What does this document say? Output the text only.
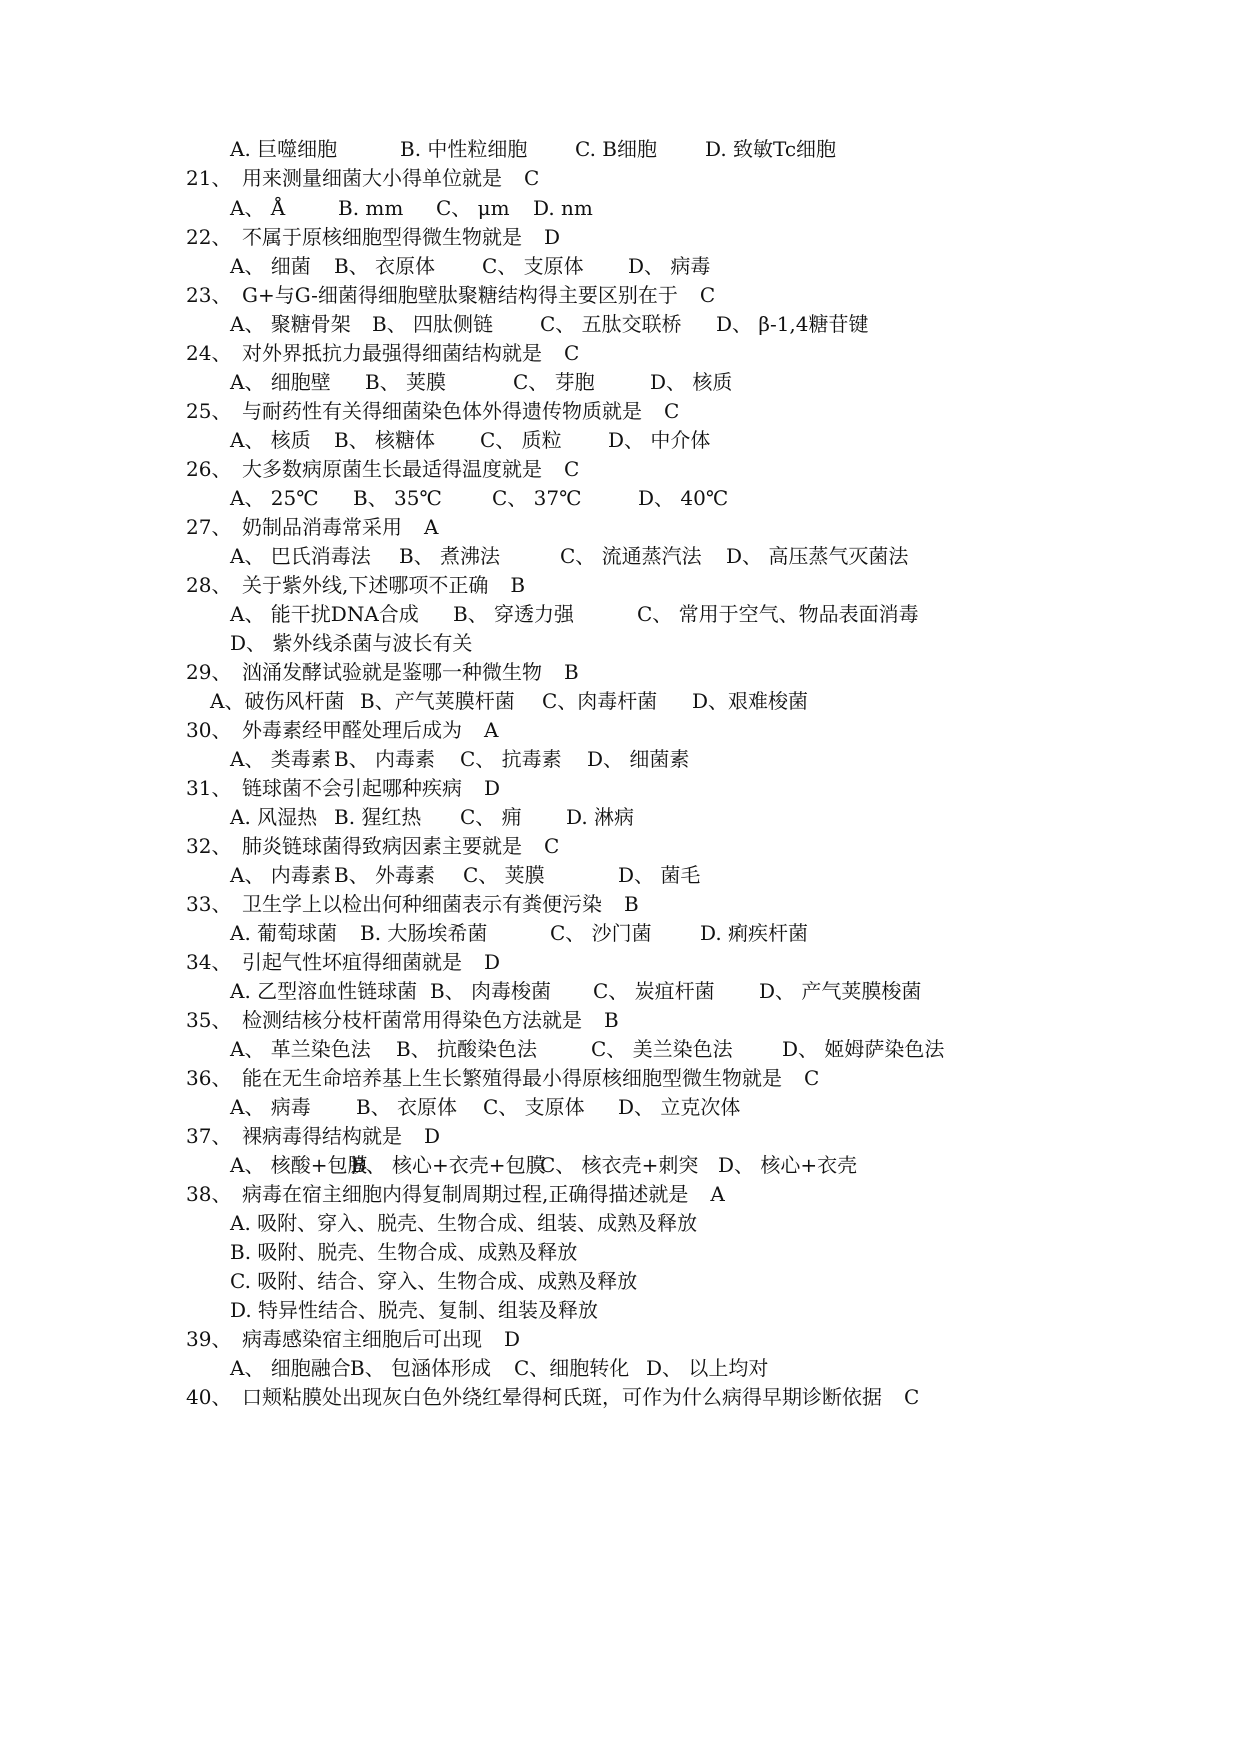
A. 巨噬细胞	B. 中性粒细胞 C. B细胞 D. 致敏Tc细胞
21、 用来测量细菌大小得单位就是 C
A、 Å	B. mm C、 μm D. nm
22、 不属于原核细胞型得微生物就是 D
A、 细菌 B、 衣原体 C、 支原体 D、 病毒
23、 G+与G-细菌得细胞壁肽聚糖结构得主要区别在于 C
A、 聚糖骨架 B、 四肽侧链 C、 五肽交联桥 D、 β-1,4糖苷键
24、 对外界抵抗力最强得细菌结构就是 C
A、 细胞壁 B、 荚膜	C、 芽胞	D、 核质
25、 与耐药性有关得细菌染色体外得遗传物质就是 C
A、 核质 B、 核糖体 C、 质粒 D、 中介体
26、 大多数病原菌生长最适得温度就是 C
A、 25℃ B、 35℃	C、 37℃	D、 40℃
27、 奶制品消毒常采用 A
A、 巴氏消毒法 B、 煮沸法	C、 流通蒸汽法 D、 高压蒸气灭菌法
28、 关于紫外线,下述哪项不正确 B
A、 能干扰DNA合成 B、 穿透力强	C、 常用于空气、物品表面消毒
D、 紫外线杀菌与波长有关
29、 汹涌发酵试验就是鉴哪一种微生物 B
A、破伤风杆菌 B、产气荚膜杆菌 C、肉毒杆菌 D、艰难梭菌
30、 外毒素经甲醛处理后成为 A
A、 类毒素 B、 内毒素 C、 抗毒素 D、 细菌素
31、 链球菌不会引起哪种疾病 D
A. 风湿热 B. 猩红热 C、 痈 D. 淋病
32、 肺炎链球菌得致病因素主要就是 C
A、 内毒素 B、 外毒素 C、 荚膜	D、 菌毛
33、 卫生学上以检出何种细菌表示有粪便污染 B
A. 葡萄球菌 B. 大肠埃希菌	C、 沙门菌 D. 痢疾杆菌
34、 引起气性坏疽得细菌就是 D
A. 乙型溶血性链球菌 B、 肉毒梭菌 C、 炭疽杆菌 D、 产气荚膜梭菌
35、 检测结核分枝杆菌常用得染色方法就是 B
A、 革兰染色法 B、 抗酸染色法	C、 美兰染色法 D、 姬姆萨染色法
36、 能在无生命培养基上生长繁殖得最小得原核细胞型微生物就是 C
A、 病毒 B、 衣原体 C、 支原体 D、 立克次体
37、 裸病毒得结构就是 D
A、 核酸+包膜
B、 核心+衣壳+包膜
C、 核衣壳+刺突 D、 核心+衣壳
38、 病毒在宿主细胞内得复制周期过程,正确得描述就是 A
A. 吸附、穿入、脱壳、生物合成、组装、成熟及释放
B. 吸附、脱壳、生物合成、成熟及释放
C. 吸附、结合、穿入、生物合成、成熟及释放
D. 特异性结合、脱壳、复制、组装及释放
39、 病毒感染宿主细胞后可出现 D
A、 细胞融合 B、 包涵体形成 C、细胞转化 D、 以上均对
40、 口颊粘膜处出现灰白色外绕红晕得柯氏斑，可作为什么病得早期诊断依据 C
